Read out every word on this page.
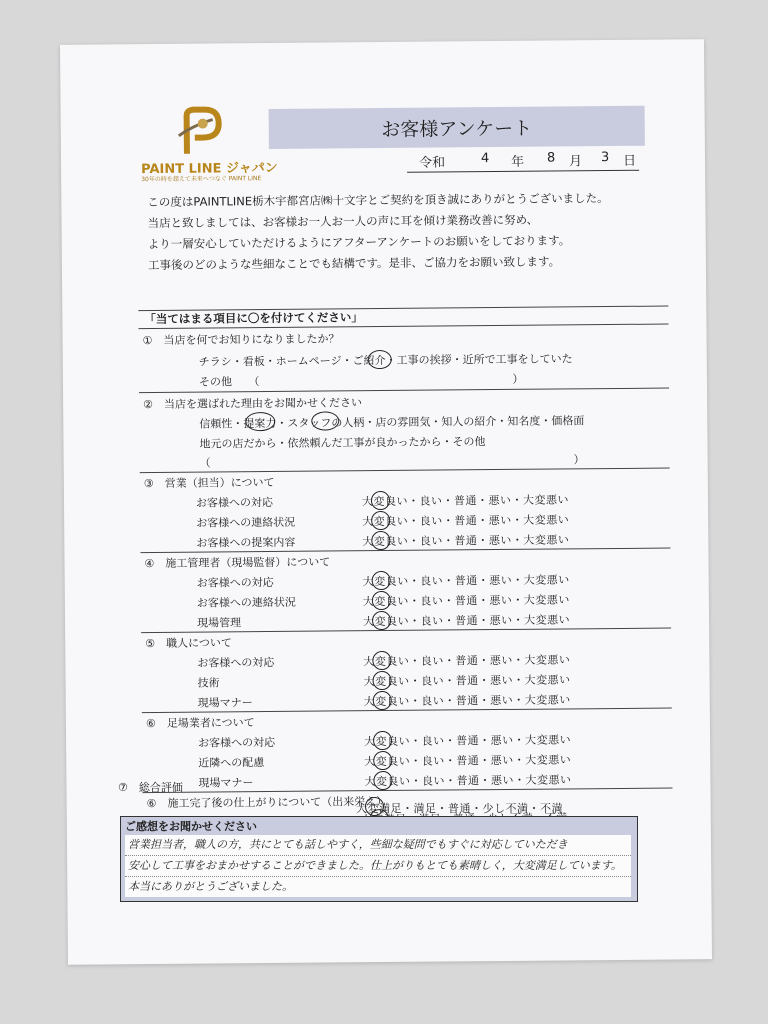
PAINT LINE ジャパン
30年の時を超えて未来へつなぐ PAINT LINE
お客様アンケート
令和	4 年 8 月 3 日
この度はPAINTLINE栃木宇都宮店㈱十文字とご契約を頂き誠にありがとうございました。
当店と致しましては、お客様お一人お一人の声に耳を傾け業務改善に努め、
より一層安心していただけるようにアフターアンケートのお願いをしております。
工事後のどのような些細なことでも結構です。是非、ご協力をお願い致します。
「当てはまる項目に〇を付けてください」
①　当店を何でお知りになりましたか？
チラシ・看板・ホームページ・ご紹介・工事の挨拶・近所で工事をしていた
その他　　（　　　　　　　　　　　　　　　　　　　　　　　）
②　当店を選ばれた理由をお聞かせください
信頼性・提案力・スタッフの人柄・店の雰囲気・知人の紹介・知名度・価格面
地元の店だから・依然頼んだ工事が良かったから・その他
（　　　　　　　　　　　　　　　　　　　　　　　　　　　　　　　　　）
③　営業（担当）について
お客様への対応
お客様への連絡状況
お客様への提案内容
大変良い・良い・普通・悪い・大変悪い
大変良い・良い・普通・悪い・大変悪い
大変良い・良い・普通・悪い・大変悪い
④　施工管理者（現場監督）について
お客様への対応
お客様への連絡状況
現場管理
大変良い・良い・普通・悪い・大変悪い
大変良い・良い・普通・悪い・大変悪い
大変良い・良い・普通・悪い・大変悪い
⑤　職人について
お客様への対応
技術
現場マナー
大変良い・良い・普通・悪い・大変悪い
大変良い・良い・普通・悪い・大変悪い
大変良い・良い・普通・悪い・大変悪い
⑥　足場業者について
お客様への対応
近隣への配慮
現場マナー
大変良い・良い・普通・悪い・大変悪い
大変良い・良い・普通・悪い・大変悪い
大変良い・良い・普通・悪い・大変悪い
⑥　施工完了後の仕上がりについて（出来栄え）
⑦　総合評価
大変満足・満足・普通・少し不満・不満
ご感想をお聞かせください
営業担当者，職人の方，共にとても話しやすく，些細な疑問でもすぐに対応していただき
安心して工事をおまかせすることができました。仕上がりもとても素晴しく，大変満足しています。
本当にありがとうございました。
